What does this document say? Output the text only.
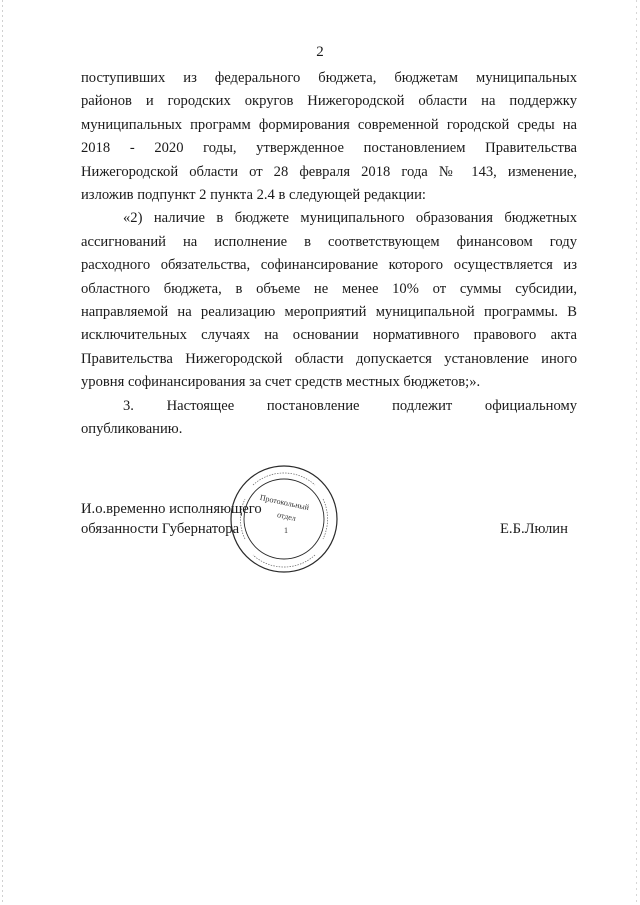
2
поступивших из федерального бюджета, бюджетам муниципальных
районов и городских округов Нижегородской области на поддержку
муниципальных программ формирования современной городской среды на
2018 - 2020 годы, утвержденное постановлением Правительства
Нижегородской области от 28 февраля 2018 года № 143, изменение,
изложив подпункт 2 пункта 2.4 в следующей редакции:
«2) наличие в бюджете муниципального образования бюджетных
ассигнований на исполнение в соответствующем финансовом году
расходного обязательства, софинансирование которого осуществляется из
областного бюджета, в объеме не менее 10% от суммы субсидии,
направляемой на реализацию мероприятий муниципальной программы. В
исключительных случаях на основании нормативного правового акта
Правительства Нижегородской области допускается установление иного
уровня софинансирования за счет средств местных бюджетов;».
3. Настоящее постановление подлежит официальному
опубликованию.
И.о.временно исполняющего
обязанности Губернатора	Е.Б.Люлин
Протокольный
отдел
1
